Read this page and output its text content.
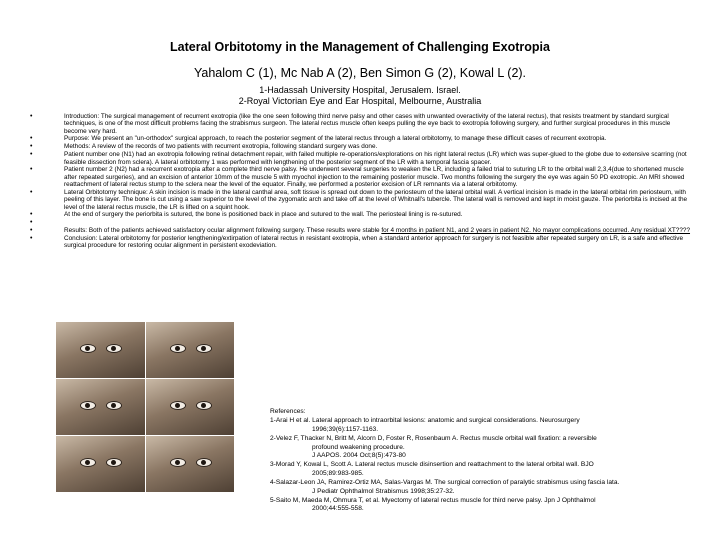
Lateral Orbitotomy in the Management of Challenging Exotropia
Yahalom C (1), Mc Nab A (2), Ben Simon G (2), Kowal L (2).
1-Hadassah University Hospital, Jerusalem. Israel.
2-Royal Victorian Eye and Ear Hospital, Melbourne, Australia
•	Introduction: The surgical management of recurrent exotropia (like the one seen following third nerve palsy and other cases with unwanted overactivity of the lateral rectus), that resists treatment by standard surgical techniques, is one of the most difficult problems facing the strabismus surgeon. The lateral rectus muscle often keeps pulling the eye back to exotropia following surgery, and further surgical procedures in this muscle become very hard.
•	Purpose: We present an "un-orthodox" surgical approach, to reach the posterior segment of the lateral rectus through a lateral orbitotomy, to manage these difficult cases of recurrent exotropia.
•	Methods: A review of the records of two patients with recurrent exotropia, following standard surgery was done.
•	Patient number one (N1) had an exotropia following retinal detachment repair, with failed multiple re-operations/explorations on his right lateral rectus (LR) which was super-glued to the globe due to extensive scarring (not feasible dissection from sclera). A lateral orbitotomy 1 was performed with lengthening of the posterior segment of the LR with a temporal fascia spacer.
•	Patient number 2 (N2) had a recurrent exotropia after a complete third nerve palsy. He underwent several surgeries to weaken the LR, including a failed trial to suturing LR to the orbital wall 2,3,4(due to shortened muscle after repeated surgeries), and an excision of anterior 10mm of the muscle 5 with myochol injection to the remaining posterior muscle. Two months following the surgery the eye was again 50 PD exotropic. An MRI showed reattachment of lateral rectus stump to the sclera near the level of the equator. Finally, we performed a posterior excision of LR remnants via a lateral orbitotomy.
•	Lateral Orbitotomy technique: A skin incision is made in the lateral canthal area, soft tissue is spread out down to the periosteum of the lateral orbital wall. A vertical incision is made in the lateral orbital rim periosteum, with peeling of this layer. The bone is cut using a saw superior to the level of the zygomatic arch and take off at the level of Whitnall's tubercle. The lateral wall is removed and kept in moist gauze. The periorbita is incised at the level of the lateral rectus muscle, the LR is lifted on a squint hook.
•	At the end of surgery the periorbita is sutured, the bone is positioned back in place and sutured to the wall. The periosteal lining is re-sutured.
•
•	Results: Both of the patients achieved satisfactory ocular alignment following surgery. These results were stable for 4 months in patient N1, and 2 years in patient N2. No mayor complications occurred. Any residual XT????
•	Conclusion: Lateral orbitotomy for posterior lengthening/extirpation of lateral rectus in resistant exotropia, when a standard anterior approach for surgery is not feasible after repeated surgery on LR, is a safe and effective surgical procedure for restoring ocular alignment in persistent exodeviation.
References:
1-Arai H et al. Lateral approach to intraorbital lesions: anatomic and surgical considerations. Neurosurgery
1996;39(6):1157-1163.
2-Velez F, Thacker N, Britt M, Alcorn D, Foster R, Rosenbaum A. Rectus muscle orbital wall fixation: a reversible
profound weakening procedure.
J AAPOS. 2004 Oct;8(5):473-80
3-Morad Y, Kowal L, Scott A. Lateral rectus muscle disinsertion and reattachment to the lateral orbital wall. BJO
2005;89:983-985.
4-Salazar-Leon JA, Ramirez-Ortiz MA, Salas-Vargas M. The surgical correction of paralytic strabismus using fascia lata.
J Pediatr Ophthalmol Strabismus 1998;35:27-32.
5-Saito M, Maeda M, Ohmura T, et al. Myectomy of lateral rectus muscle for third nerve palsy. Jpn J Ophthalmol
2000;44:555-558.
